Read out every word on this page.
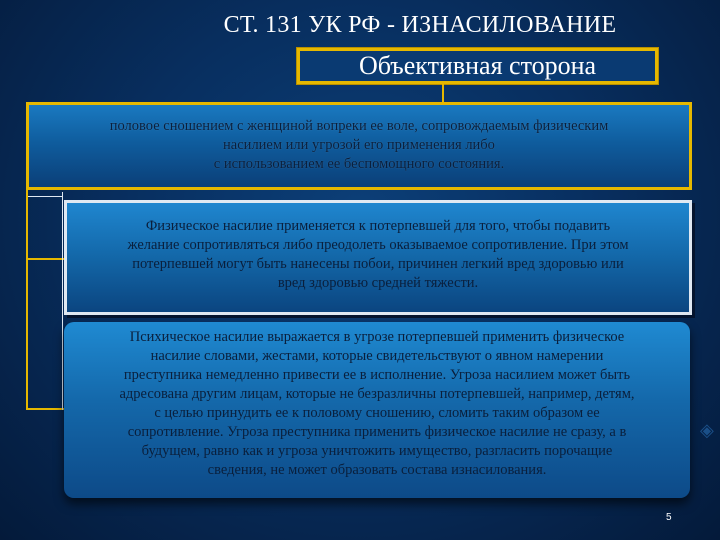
СТ. 131 УК РФ - ИЗНАСИЛОВАНИЕ
Объективная сторона
половое сношением с женщиной вопреки ее воле, сопровождаемым физическим
насилием или угрозой его применения либо
с использованием ее беспомощного состояния.
Физическое насилие применяется к потерпевшей для того, чтобы подавить
желание сопротивляться либо преодолеть оказываемое сопротивление. При этом
потерпевшей могут быть нанесены побои, причинен легкий вред здоровью или
вред здоровью средней тяжести.
Психическое насилие выражается в угрозе потерпевшей применить физическое
насилие словами, жестами, которые свидетельствуют о явном намерении
преступника немедленно привести ее в исполнение. Угроза насилием может быть
адресована другим лицам, которые не безразличны потерпевшей, например, детям,
с целью принудить ее к половому сношению, сломить таким образом ее
сопротивление. Угроза преступника применить физическое насилие не сразу, а в
будущем, равно как и угроза уничтожить имущество, разгласить порочащие
сведения, не может образовать состава изнасилования.
◈
5
